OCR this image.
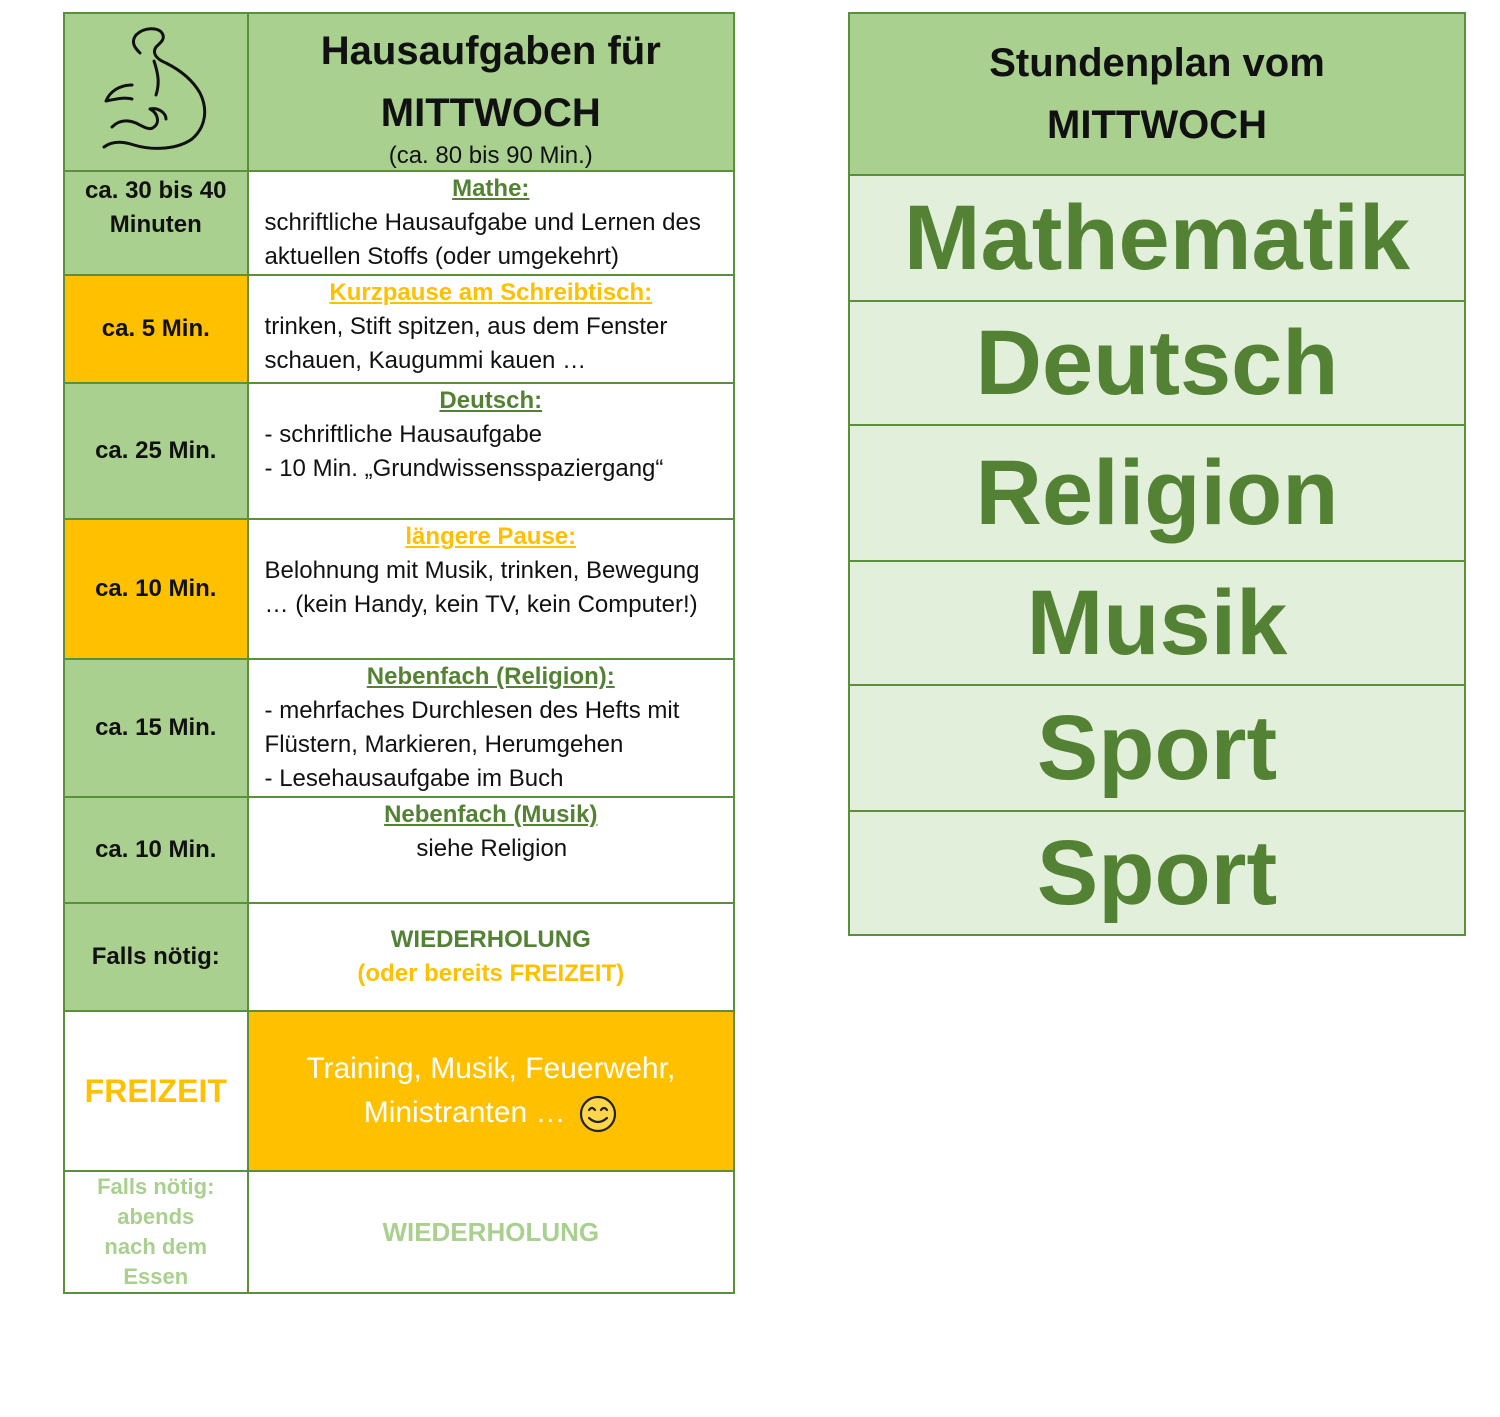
Hausaufgaben für
MITTWOCH
(ca. 80 bis 90 Min.)

ca. 30 bis 40 Minuten	Mathe:
schriftliche Hausaufgabe und Lernen des aktuellen Stoffs (oder umgekehrt)

ca. 5 Min.	Kurzpause am Schreibtisch:
trinken, Stift spitzen, aus dem Fenster schauen, Kaugummi kauen …

ca. 25 Min.	Deutsch:
- schriftliche Hausaufgabe
- 10 Min. „Grundwissensspaziergang“

ca. 10 Min.	längere Pause:
Belohnung mit Musik, trinken, Bewegung … (kein Handy, kein TV, kein Computer!)

ca. 15 Min.	Nebenfach (Religion):
- mehrfaches Durchlesen des Hefts mit Flüstern, Markieren, Herumgehen
- Lesehausaufgabe im Buch

ca. 10 Min.	Nebenfach (Musik)
siehe Religion

Falls nötig:	WIEDERHOLUNG
(oder bereits FREIZEIT)

FREIZEIT	Training, Musik, Feuerwehr, Ministranten …
Falls nötig: abends nach dem Essen	WIEDERHOLUNG
Stundenplan vom
MITTWOCH

Mathematik
Deutsch
Religion
Musik
Sport
Sport
